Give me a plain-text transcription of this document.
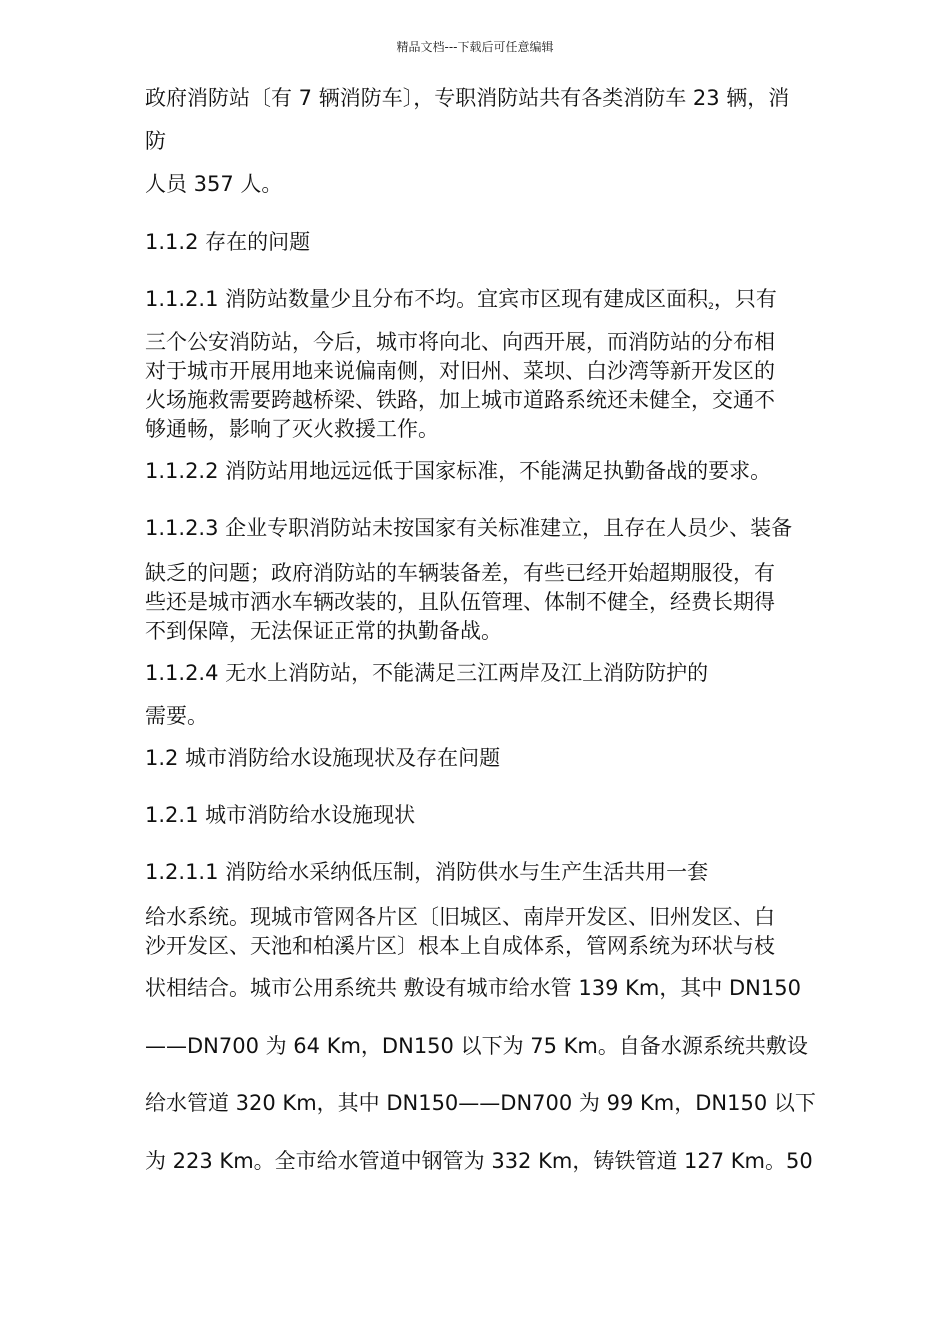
精品文档---下载后可任意编辑
政府消防站〔有 7 辆消防车〕，专职消防站共有各类消防车 23 辆，消
防
人员 357 人。
1.1.2 存在的问题
1.1.2.1 消防站数量少且分布不均。宜宾市区现有建成区面积$_2$，只有
三个公安消防站，今后，城市将向北、向西开展，而消防站的分布相
对于城市开展用地来说偏南侧，对旧州、菜坝、白沙湾等新开发区的
火场施救需要跨越桥梁、铁路，加上城市道路系统还未健全，交通不
够通畅，影响了灭火救援工作。
1.1.2.2 消防站用地远远低于国家标准，不能满足执勤备战的要求。
1.1.2.3 企业专职消防站未按国家有关标准建立，且存在人员少、装备
缺乏的问题；政府消防站的车辆装备差，有些已经开始超期服役，有
些还是城市洒水车辆改装的，且队伍管理、体制不健全，经费长期得
不到保障，无法保证正常的执勤备战。
1.1.2.4 无水上消防站，不能满足三江两岸及江上消防防护的
需要。
1.2 城市消防给水设施现状及存在问题
1.2.1 城市消防给水设施现状
1.2.1.1 消防给水采纳低压制，消防供水与生产生活共用一套
给水系统。现城市管网各片区〔旧城区、南岸开发区、旧州发区、白
沙开发区、天池和柏溪片区〕根本上自成体系，管网系统为环状与枝
状相结合。城市公用系统共 敷设有城市给水管 139 Km，其中 DN150
——DN700 为 64 Km，DN150 以下为 75 Km。自备水源系统共敷设
给水管道 320 Km，其中 DN150——DN700 为 99 Km，DN150 以下
为 223 Km。全市给水管道中钢管为 332 Km，铸铁管道 127 Km。50
